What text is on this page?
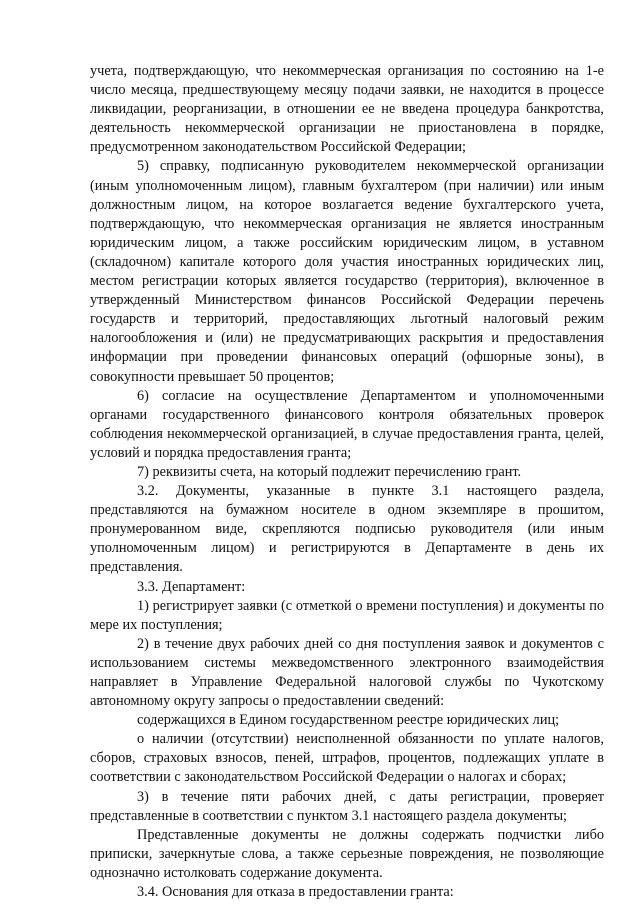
учета, подтверждающую, что некоммерческая организация по состоянию на 1-е число месяца, предшествующему месяцу подачи заявки, не находится в процессе ликвидации, реорганизации, в отношении ее не введена процедура банкротства, деятельность некоммерческой организации не приостановлена в порядке, предусмотренном законодательством Российской Федерации;

5) справку, подписанную руководителем некоммерческой организации (иным уполномоченным лицом), главным бухгалтером (при наличии) или иным должностным лицом, на которое возлагается ведение бухгалтерского учета, подтверждающую, что некоммерческая организация не является иностранным юридическим лицом, а также российским юридическим лицом, в уставном (складочном) капитале которого доля участия иностранных юридических лиц, местом регистрации которых является государство (территория), включенное в утвержденный Министерством финансов Российской Федерации перечень государств и территорий, предоставляющих льготный налоговый режим налогообложения и (или) не предусматривающих раскрытия и предоставления информации при проведении финансовых операций (офшорные зоны), в совокупности превышает 50 процентов;

6) согласие на осуществление Департаментом и уполномоченными органами государственного финансового контроля обязательных проверок соблюдения некоммерческой организацией, в случае предоставления гранта, целей, условий и порядка предоставления гранта;

7) реквизиты счета, на который подлежит перечислению грант.

3.2. Документы, указанные в пункте 3.1 настоящего раздела, представляются на бумажном носителе в одном экземпляре в прошитом, пронумерованном виде, скрепляются подписью руководителя (или иным уполномоченным лицом) и регистрируются в Департаменте в день их представления.

3.3. Департамент:

1) регистрирует заявки (с отметкой о времени поступления) и документы по мере их поступления;

2) в течение двух рабочих дней со дня поступления заявок и документов с использованием системы межведомственного электронного взаимодействия направляет в Управление Федеральной налоговой службы по Чукотскому автономному округу запросы о предоставлении сведений:

содержащихся в Едином государственном реестре юридических лиц;

о наличии (отсутствии) неисполненной обязанности по уплате налогов, сборов, страховых взносов, пеней, штрафов, процентов, подлежащих уплате в соответствии с законодательством Российской Федерации о налогах и сборах;

3) в течение пяти рабочих дней, с даты регистрации, проверяет представленные в соответствии с пунктом 3.1 настоящего раздела документы;

Представленные документы не должны содержать подчистки либо приписки, зачеркнутые слова, а также серьезные повреждения, не позволяющие однозначно истолковать содержание документа.

3.4. Основания для отказа в предоставлении гранта:
